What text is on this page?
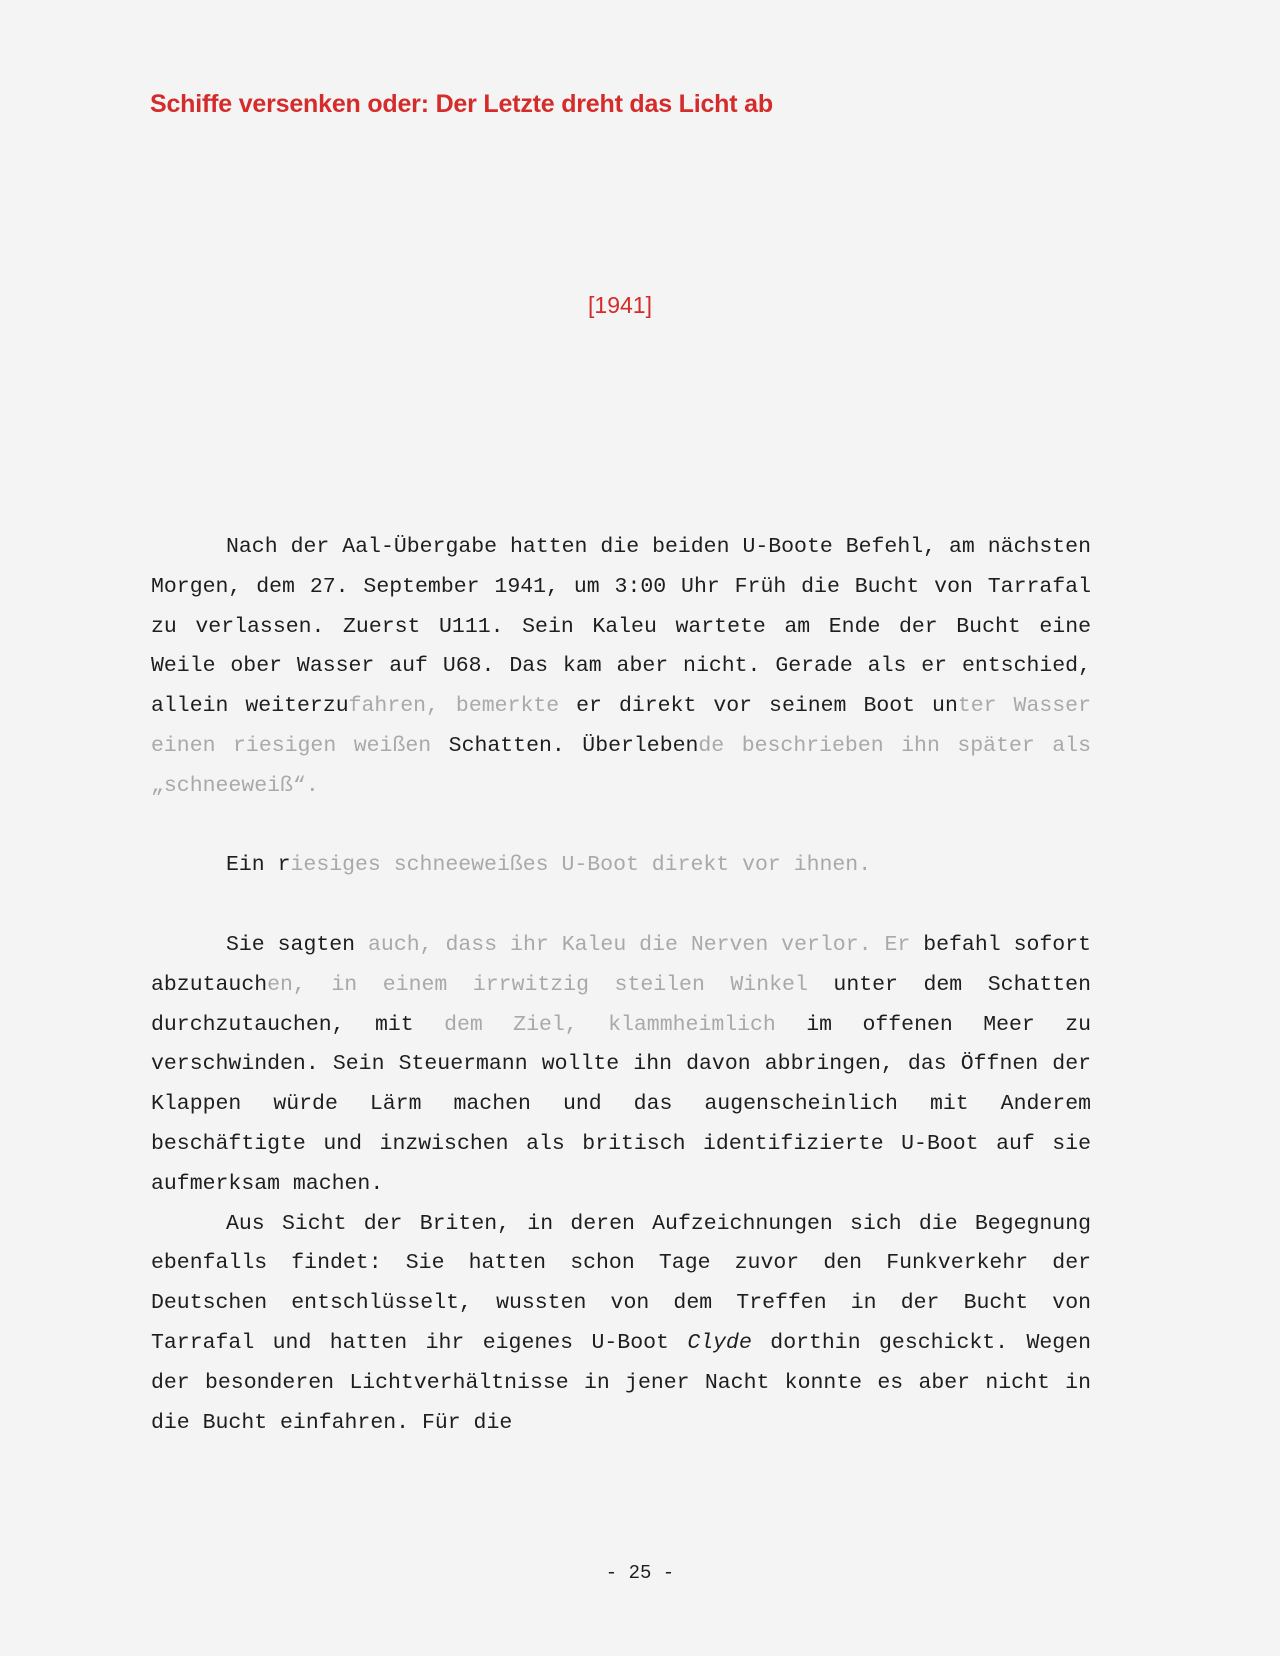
Schiffe versenken oder: Der Letzte dreht das Licht ab
[1941]

Nach der Aal-Übergabe hatten die beiden U-Boote Befehl, am nächsten Morgen, dem 27. September 1941, um 3:00 Uhr Früh die Bucht von Tarrafal zu verlassen. Zuerst U111. Sein Kaleu wartete am Ende der Bucht eine Weile ober Wasser auf U68. Das kam aber nicht. Gerade als er entschied, allein weiterzufahren, bemerkte er direkt vor seinem Boot unter Wasser einen riesigen weißen Schatten. Überlebende beschrieben ihn später als „schneeweiß“.

Ein riesiges schneeweißes U-Boot direkt vor ihnen.

Sie sagten auch, dass ihr Kaleu die Nerven verlor. Er befahl sofort abzutauchen, in einem irrwitzig steilen Winkel unter dem Schatten durchzutauchen, mit dem Ziel, klammheimlich im offenen Meer zu verschwinden. Sein Steuermann wollte ihn davon abbringen, das Öffnen der Klappen würde Lärm machen und das augenscheinlich mit Anderem beschäftigte und inzwischen als britisch identifizierte U-Boot auf sie aufmerksam machen.

Aus Sicht der Briten, in deren Aufzeichnungen sich die Begegnung ebenfalls findet: Sie hatten schon Tage zuvor den Funkverkehr der Deutschen entschlüsselt, wussten von dem Treffen in der Bucht von Tarrafal und hatten ihr eigenes U-Boot Clyde dorthin geschickt. Wegen der besonderen Lichtverhältnisse in jener Nacht konnte es aber nicht in die Bucht einfahren. Für die

- 25 -
